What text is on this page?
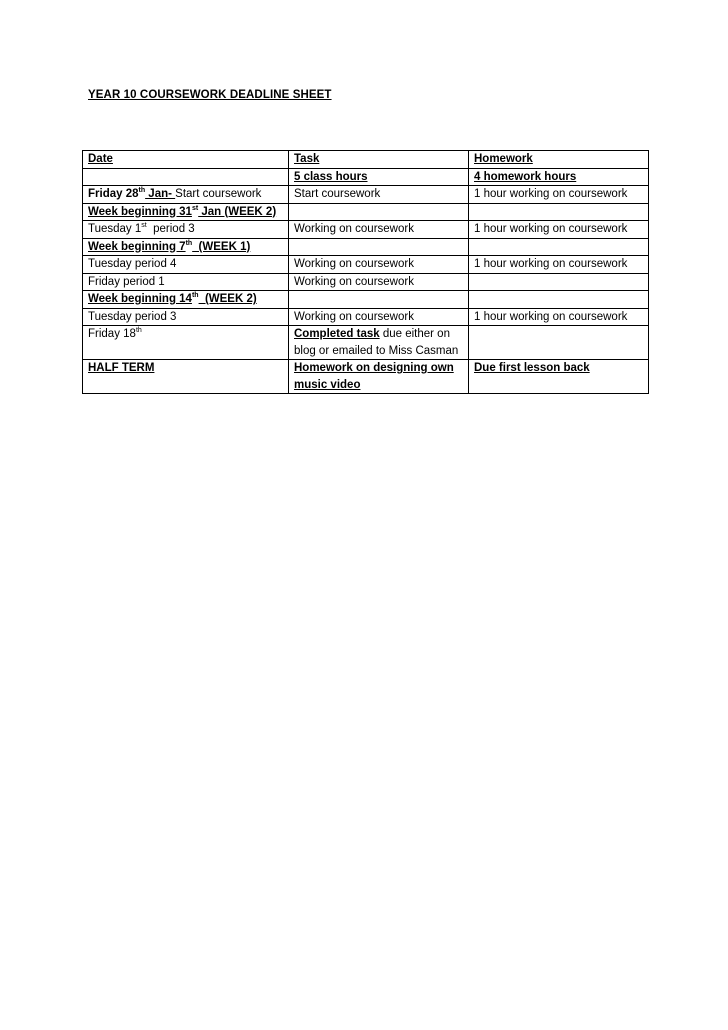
YEAR 10 COURSEWORK DEADLINE SHEET
Date	Task	Homework
	5 class hours	4 homework hours
Friday 28th Jan- Start coursework	Start coursework	1 hour working on coursework
Week beginning 31st Jan (WEEK 2)		
Tuesday 1st  period 3	Working on coursework	1 hour working on coursework
Week beginning 7th  (WEEK 1)		
Tuesday period 4	Working on coursework	1 hour working on coursework
Friday period 1	Working on coursework	
Week beginning 14th  (WEEK 2)		
Tuesday period 3	Working on coursework	1 hour working on coursework
Friday 18th	Completed task due either on blog or emailed to Miss Casman	
HALF TERM	Homework on designing own music video	Due first lesson back
